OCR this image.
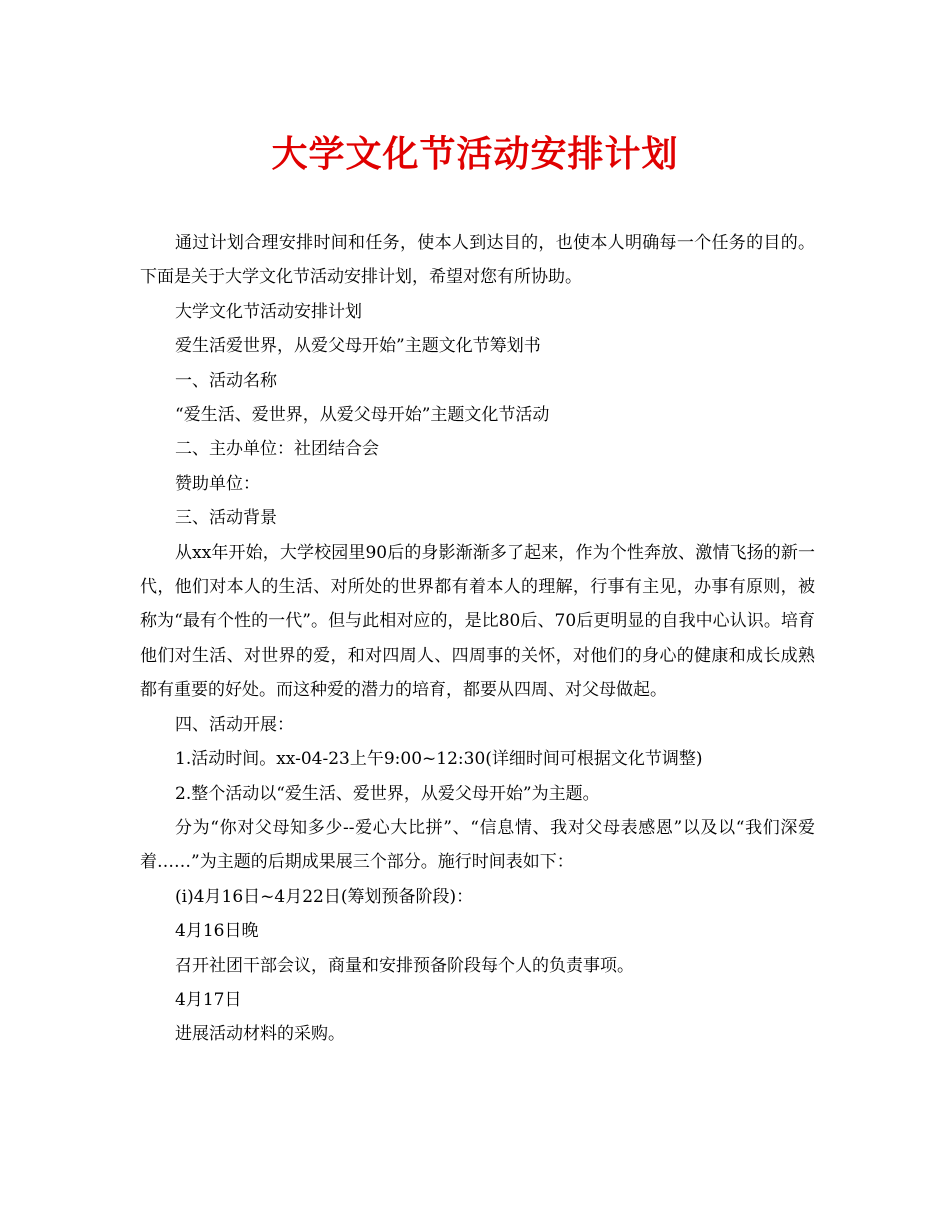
大学文化节活动安排计划

通过计划合理安排时间和任务，使本人到达目的，也使本人明确每一个任务的目的。下面是关于大学文化节活动安排计划，希望对您有所协助。

大学文化节活动安排计划

爱生活爱世界，从爱父母开始”主题文化节筹划书

一、活动名称

“爱生活、爱世界，从爱父母开始”主题文化节活动

二、主办单位：社团结合会

赞助单位：

三、活动背景

从xx年开始，大学校园里90后的身影渐渐多了起来，作为个性奔放、激情飞扬的新一代，他们对本人的生活、对所处的世界都有着本人的理解，行事有主见，办事有原则，被称为“最有个性的一代”。但与此相对应的，是比80后、70后更明显的自我中心认识。培育他们对生活、对世界的爱，和对四周人、四周事的关怀，对他们的身心的健康和成长成熟都有重要的好处。而这种爱的潜力的培育，都要从四周、对父母做起。

四、活动开展：

1.活动时间。xx-04-23上午9:00~12:30(详细时间可根据文化节调整)

2.整个活动以“爱生活、爱世界，从爱父母开始”为主题。

分为“你对父母知多少--爱心大比拼”、“信息情、我对父母表感恩”以及以“我们深爱着……”为主题的后期成果展三个部分。施行时间表如下：

(i)4月16日~4月22日(筹划预备阶段)：

4月16日晚

召开社团干部会议，商量和安排预备阶段每个人的负责事项。

4月17日

进展活动材料的采购。
